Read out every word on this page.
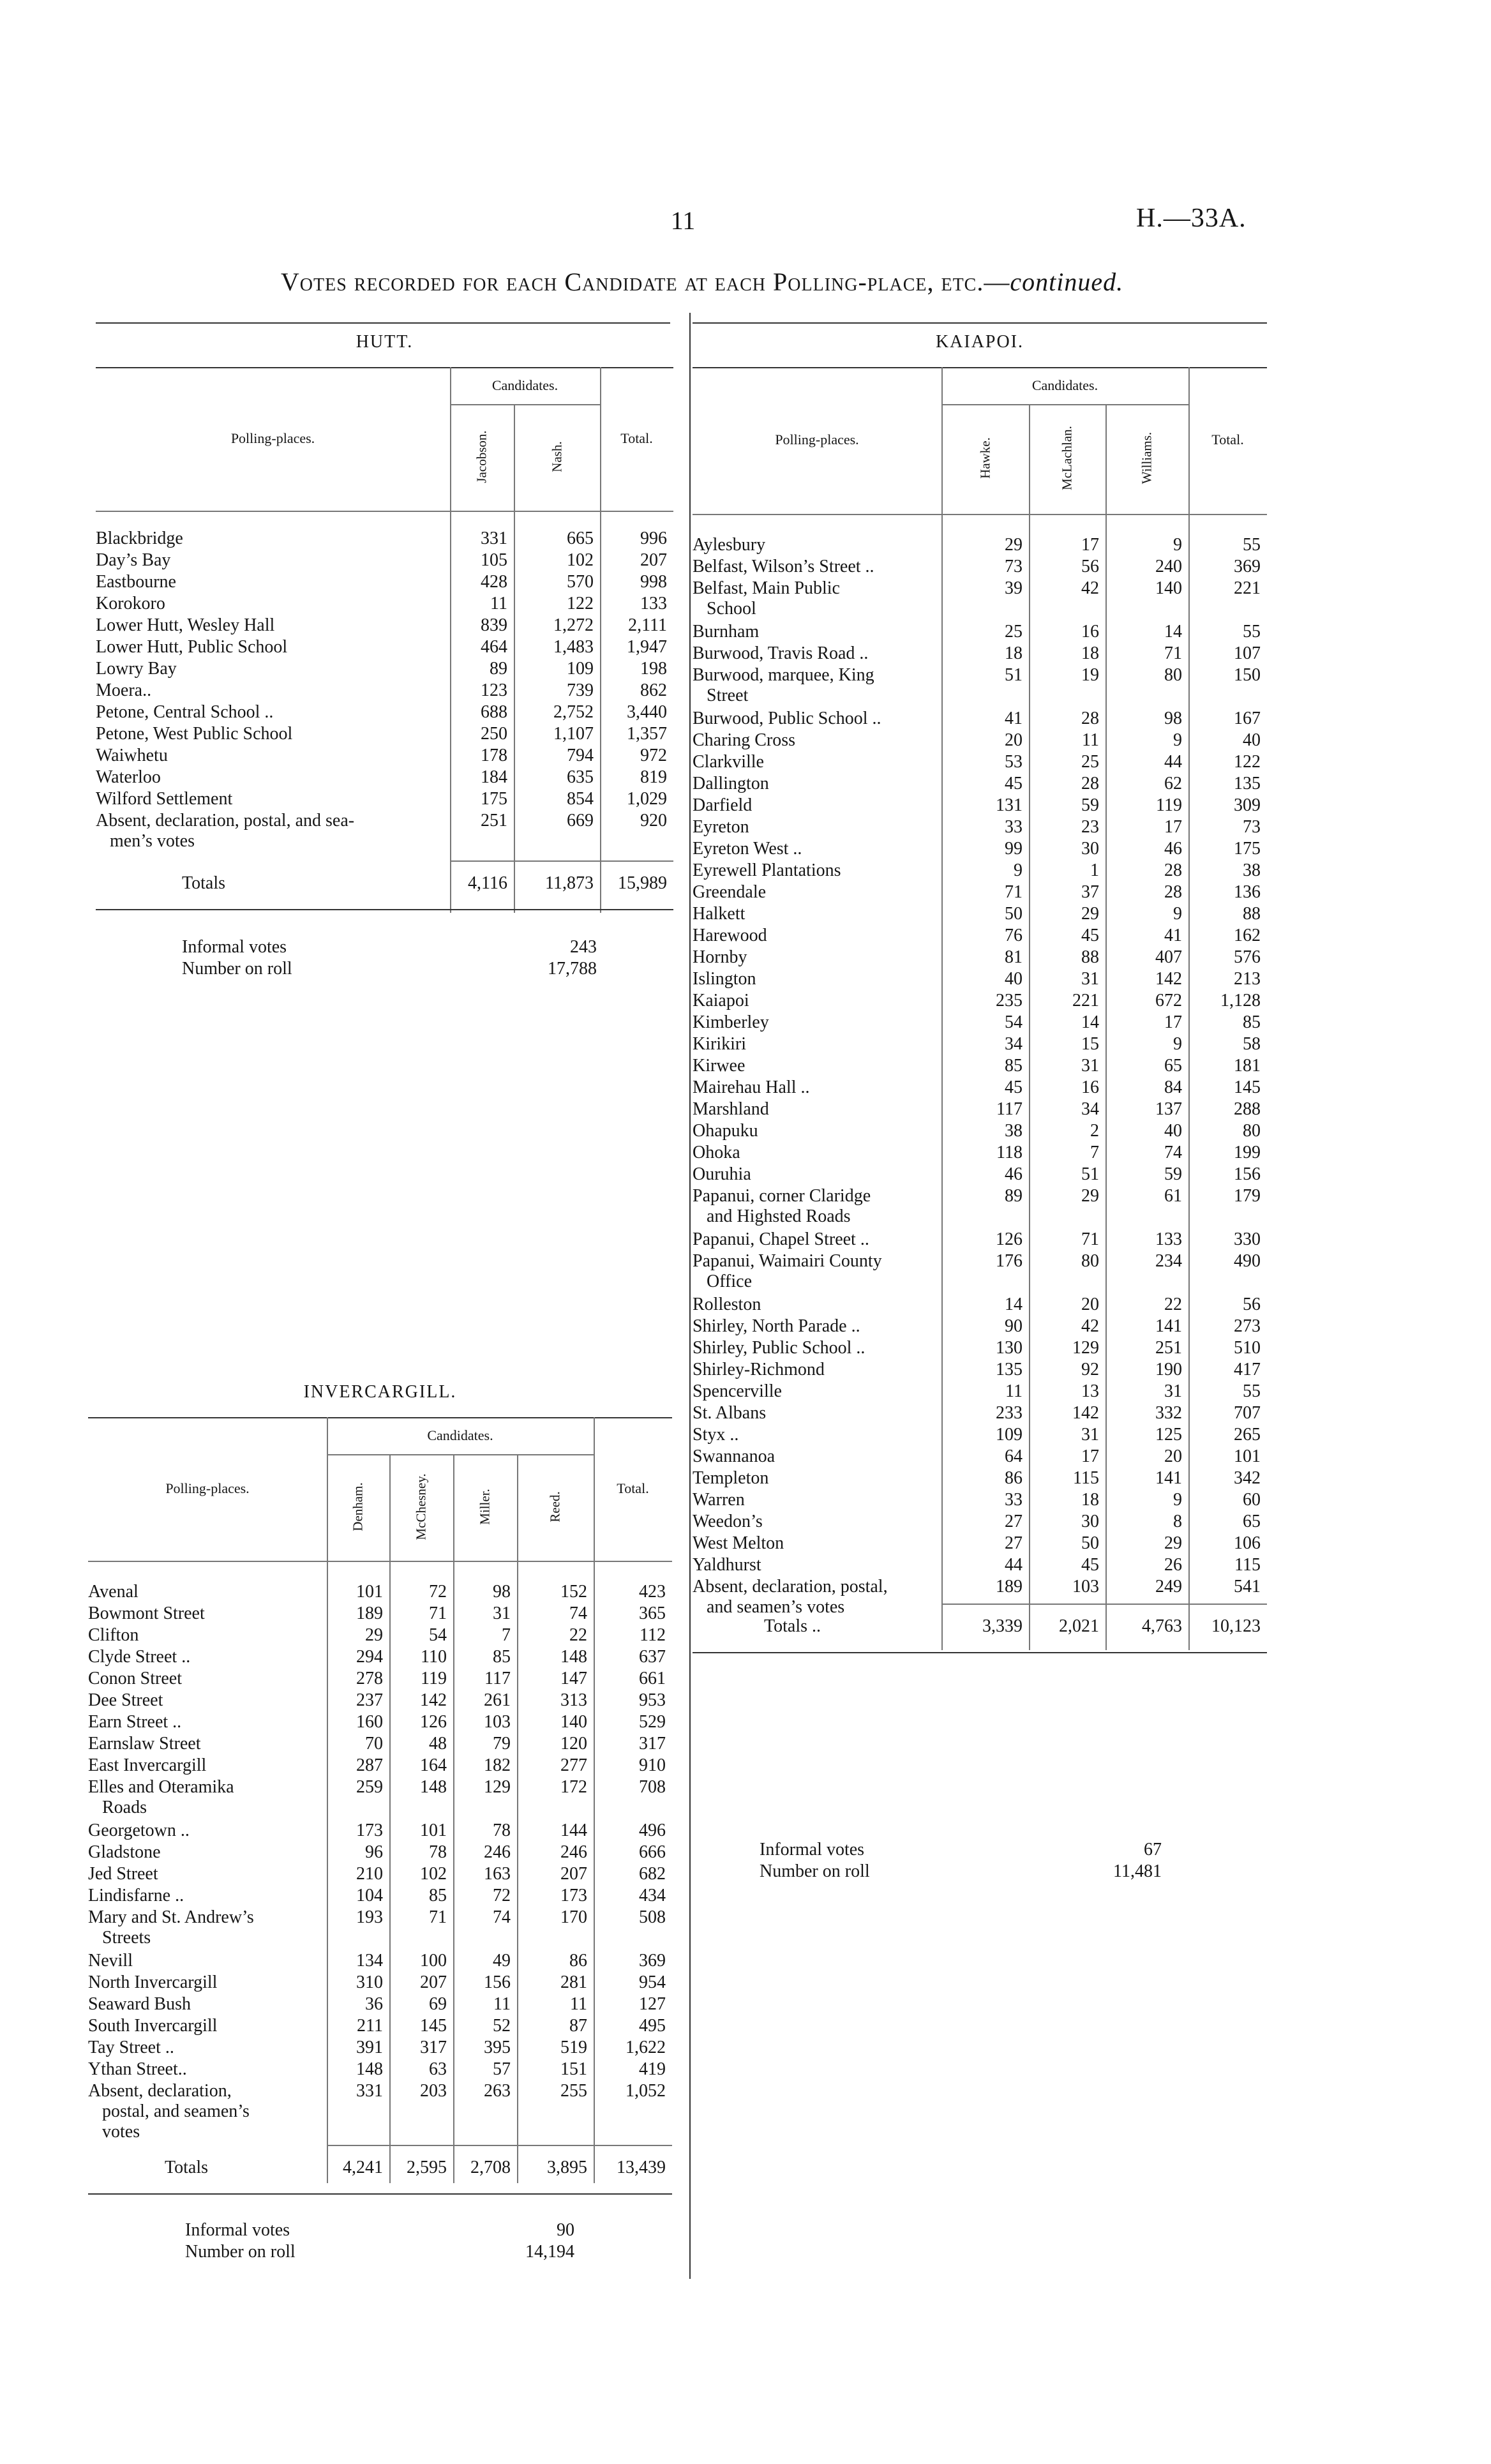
11	H.—33A.
Votes recorded for each Candidate at each Polling-place, etc.—continued.
HUTT.
Polling-places.
Candidates.
Total.
Jacobson.	Nash.
Blackbridge	331	665	996
Day’s Bay	105	102	207
Eastbourne	428	570	998
Korokoro	11	122	133
Lower Hutt, Wesley Hall	839	1,272	2,111
Lower Hutt, Public School	464	1,483	1,947
Lowry Bay	89	109	198
Moera..	123	739	862
Petone, Central School ..	688	2,752	3,440
Petone, West Public School	250	1,107	1,357
Waiwhetu	178	794	972
Waterloo	184	635	819
Wilford Settlement	175	854	1,029
Absent, declaration, postal, and sea-
men’s votes
251	669	920
Totals	4,116	11,873	15,989
Informal votes	243
Number on roll	17,788
INVERCARGILL.
Polling-places.
Candidates.
Total.
Denham.	McChesney.	Miller.	Reed.
Avenal	101	72	98	152	423
Bowmont Street	189	71	31	74	365
Clifton	29	54	7	22	112
Clyde Street ..	294	110	85	148	637
Conon Street	278	119	117	147	661
Dee Street	237	142	261	313	953
Earn Street ..	160	126	103	140	529
Earnslaw Street	70	48	79	120	317
East Invercargill	287	164	182	277	910
Elles and Oteramika
Roads
259	148	129	172	708
Georgetown ..	173	101	78	144	496
Gladstone	96	78	246	246	666
Jed Street	210	102	163	207	682
Lindisfarne ..	104	85	72	173	434
Mary and St. Andrew’s
Streets
193	71	74	170	508
Nevill	134	100	49	86	369
North Invercargill	310	207	156	281	954
Seaward Bush	36	69	11	11	127
South Invercargill	211	145	52	87	495
Tay Street ..	391	317	395	519	1,622
Ythan Street..	148	63	57	151	419
Absent, declaration,
postal, and seamen’s
votes
331	203	263	255	1,052
Totals	4,241	2,595	2,708	3,895	13,439
Informal votes	90
Number on roll	14,194
KAIAPOI.
Polling-places.
Candidates.
Total.
Hawke.	McLachlan.	Williams.
Aylesbury	29	17	9	55
Belfast, Wilson’s Street ..	73	56	240	369
Belfast, Main Public
School
39	42	140	221
Burnham	25	16	14	55
Burwood, Travis Road ..	18	18	71	107
Burwood, marquee, King
Street
51	19	80	150
Burwood, Public School ..	41	28	98	167
Charing Cross	20	11	9	40
Clarkville	53	25	44	122
Dallington	45	28	62	135
Darfield	131	59	119	309
Eyreton	33	23	17	73
Eyreton West ..	99	30	46	175
Eyrewell Plantations	9	1	28	38
Greendale	71	37	28	136
Halkett	50	29	9	88
Harewood	76	45	41	162
Hornby	81	88	407	576
Islington	40	31	142	213
Kaiapoi	235	221	672	1,128
Kimberley	54	14	17	85
Kirikiri	34	15	9	58
Kirwee	85	31	65	181
Mairehau Hall ..	45	16	84	145
Marshland	117	34	137	288
Ohapuku	38	2	40	80
Ohoka	118	7	74	199
Ouruhia	46	51	59	156
Papanui, corner Claridge
and Highsted Roads
89	29	61	179
Papanui, Chapel Street ..	126	71	133	330
Papanui, Waimairi County
Office
176	80	234	490
Rolleston	14	20	22	56
Shirley, North Parade ..	90	42	141	273
Shirley, Public School ..	130	129	251	510
Shirley-Richmond	135	92	190	417
Spencerville	11	13	31	55
St. Albans	233	142	332	707
Styx ..	109	31	125	265
Swannanoa	64	17	20	101
Templeton	86	115	141	342
Warren	33	18	9	60
Weedon’s	27	30	8	65
West Melton	27	50	29	106
Yaldhurst	44	45	26	115
Absent, declaration, postal,
and seamen’s votes
189	103	249	541
Totals ..	3,339	2,021	4,763	10,123
Informal votes	67
Number on roll	11,481
